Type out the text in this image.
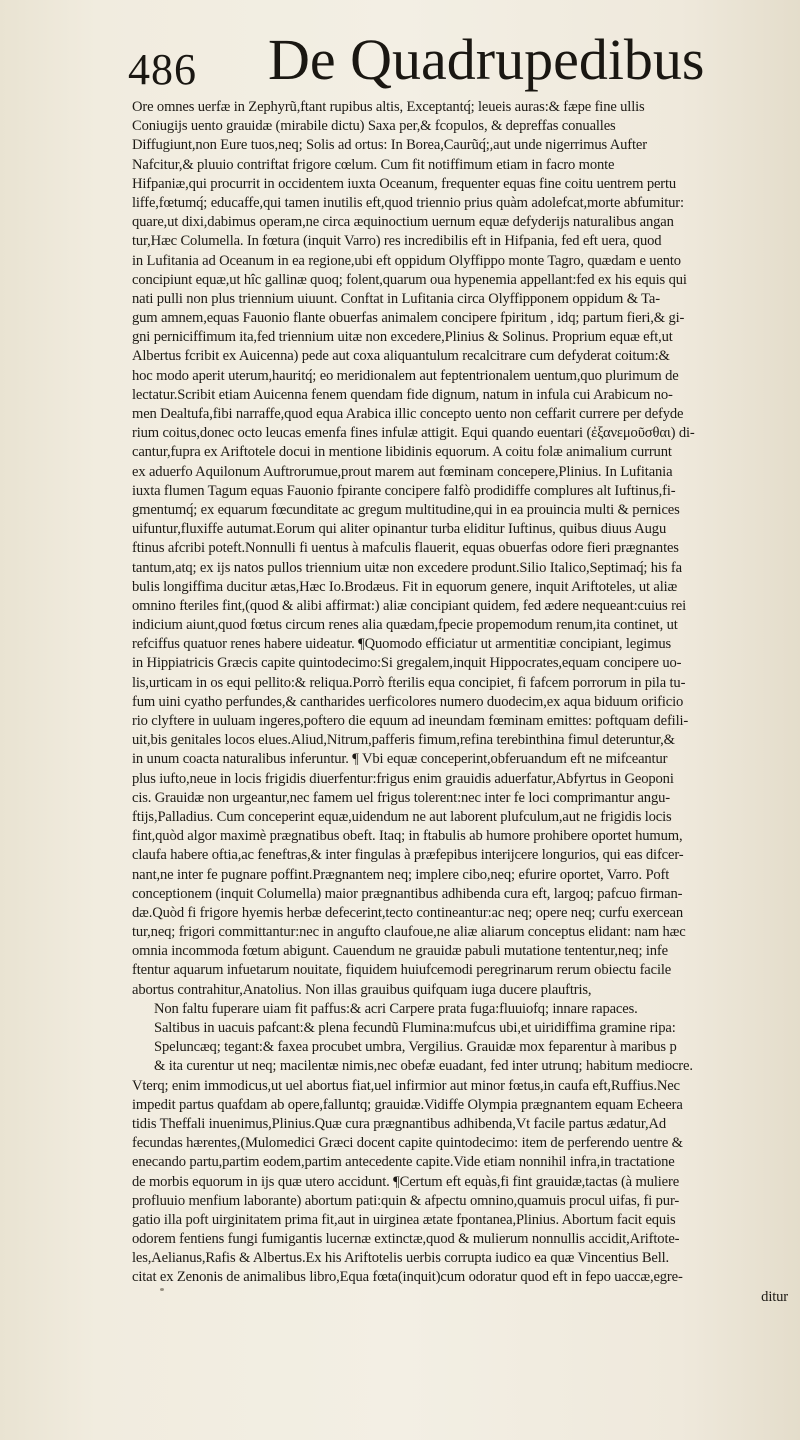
486 De Quadrupedibus
Ore omnes uerfæ in Zephyrũ,ftant rupibus altis, Exceptantq́; leueis auras:& fæpe fine ullis
Coniugijs uento grauidæ (mirabile dictu) Saxa per,& fcopulos, & depreffas conualles
Diffugiunt,non Eure tuos,neq; Solis ad ortus: In Borea,Caurũq́;,aut unde nigerrimus Aufter
Nafcitur,& pluuio contriftat frigore cœlum. Cum fit notiffimum etiam in facro monte
Hifpaniæ,qui procurrit in occidentem iuxta Oceanum, frequenter equas fine coitu uentrem pertu
liffe,fœtumq́; educaffe,qui tamen inutilis eft,quod triennio prius quàm adolefcat,morte abfumitur:
quare,ut dixi,dabimus operam,ne circa æquinoctium uernum equæ defyderijs naturalibus angan
tur,Hæc Columella. In fœtura (inquit Varro) res incredibilis eft in Hifpania, fed eft uera, quod
in Lufitania ad Oceanum in ea regione,ubi eft oppidum Olyffippo monte Tagro, quædam e uento
concipiunt equæ,ut hîc gallinæ quoq; folent,quarum oua hypenemia appellant:fed ex his equis qui
nati pulli non plus triennium uiuunt. Conftat in Lufitania circa Olyffipponem oppidum & Ta-
gum amnem,equas Fauonio flante obuerfas animalem concipere fpiritum , idq; partum fieri,& gi-
gni perniciffimum ita,fed triennium uitæ non excedere,Plinius & Solinus. Proprium equæ eft,ut
Albertus fcribit ex Auicenna) pede aut coxa aliquantulum recalcitrare cum defyderat coitum:&
hoc modo aperit uterum,hauritq́; eo meridionalem aut feptentrionalem uentum,quo plurimum de
lectatur.Scribit etiam Auicenna fenem quendam fide dignum, natum in infula cui Arabicum no-
men Dealtufa,fibi narraffe,quod equa Arabica illic concepto uento non ceffarit currere per defyde
rium coitus,donec octo leucas emenfa fines infulæ attigit. Equi quando euentari (ἐξανεμοῦσθαι) di-
cantur,fupra ex Ariftotele docui in mentione libidinis equorum. A coitu folæ animalium currunt
ex aduerfo Aquilonum Auftrorumue,prout marem aut fœminam concepere,Plinius. In Lufitania
iuxta flumen Tagum equas Fauonio fpirante concipere falfò prodidiffe complures alt Iuftinus,fi-
gmentumq́; ex equarum fœcunditate ac gregum multitudine,qui in ea prouincia multi & pernices
uifuntur,fluxiffe autumat.Eorum qui aliter opinantur turba eliditur Iuftinus, quibus diuus Augu
ftinus afcribi poteft.Nonnulli fi uentus à mafculis flauerit, equas obuerfas odore fieri prægnantes
tantum,atq; ex ijs natos pullos triennium uitæ non excedere produnt.Silio Italico,Septimaq́; his fa
bulis longiffima ducitur ætas,Hæc Io.Brodæus. Fit in equorum genere, inquit Ariftoteles, ut aliæ
omnino fteriles fint,(quod & alibi affirmat:) aliæ concipiant quidem, fed ædere nequeant:cuius rei
indicium aiunt,quod fœtus circum renes alia quædam,fpecie propemodum renum,ita continet, ut
refciffus quatuor renes habere uideatur. ¶Quomodo efficiatur ut armentitiæ concipiant, legimus
in Hippiatricis Græcis capite quintodecimo:Si gregalem,inquit Hippocrates,equam concipere uo-
lis,urticam in os equi pellito:& reliqua.Porrò fterilis equa concipiet, fi fafcem porrorum in pila tu-
fum uini cyatho perfundes,& cantharides uerficolores numero duodecim,ex aqua biduum orificio
rio clyftere in uuluam ingeres,poftero die equum ad ineundam fœminam emittes: poftquam defili-
uit,bis genitales locos elues.Aliud,Nitrum,pafferis fimum,refina terebinthina fimul deteruntur,&
in unum coacta naturalibus inferuntur. ¶ Vbi equæ conceperint,obferuandum eft ne mifceantur
plus iufto,neue in locis frigidis diuerfentur:frigus enim grauidis aduerfatur,Abfyrtus in Geoponi
cis. Grauidæ non urgeantur,nec famem uel frigus tolerent:nec inter fe loci comprimantur angu-
ftijs,Palladius. Cum conceperint equæ,uidendum ne aut laborent plufculum,aut ne frigidis locis
fint,quòd algor maximè prægnatibus obeft. Itaq; in ftabulis ab humore prohibere oportet humum,
claufa habere oftia,ac feneftras,& inter fingulas à præfepibus interijcere longurios, qui eas difcer-
nant,ne inter fe pugnare poffint.Prægnantem neq; implere cibo,neq; efurire oportet, Varro. Poft
conceptionem (inquit Columella) maior prægnantibus adhibenda cura eft, largoq; pafcuo firman-
dæ.Quòd fi frigore hyemis herbæ defecerint,tecto contineantur:ac neq; opere neq; curfu exercean
tur,neq; frigori committantur:nec in angufto claufoue,ne aliæ aliarum conceptus elidant: nam hæc
omnia incommoda fœtum abigunt. Cauendum ne grauidæ pabuli mutatione tententur,neq; infe
ftentur aquarum infuetarum nouitate, fiquidem huiufcemodi peregrinarum rerum obiectu facile
abortus contrahitur,Anatolius. Non illas grauibus quifquam iuga ducere plauftris,
Non faltu fuperare uiam fit paffus:& acri Carpere prata fuga:fluuiofq; innare rapaces.
Saltibus in uacuis pafcant:& plena fecundũ Flumina:mufcus ubi,et uiridiffima gramine ripa:
Speluncæq; tegant:& faxea procubet umbra, Vergilius. Grauidæ mox feparentur à maribus p
& ita curentur ut neq; macilentæ nimis,nec obefæ euadant, fed inter utrunq; habitum mediocre.
Vterq; enim immodicus,ut uel abortus fiat,uel infirmior aut minor fœtus,in caufa eft,Ruffius.Nec
impedit partus quafdam ab opere,falluntq; grauidæ.Vidiffe Olympia prægnantem equam Echeera
tidis Theffali inuenimus,Plinius.Quæ cura prægnantibus adhibenda,Vt facile partus ædatur,Ad
fecundas hærentes,(Mulomedici Græci docent capite quintodecimo: item de perferendo uentre &
enecando partu,partim eodem,partim antecedente capite.Vide etiam nonnihil infra,in tractatione
de morbis equorum in ijs quæ utero accidunt. ¶Certum eft equàs,fi fint grauidæ,tactas (à muliere
profluuio menfium laborante) abortum pati:quin & afpectu omnino,quamuis procul uifas, fi pur-
gatio illa poft uirginitatem prima fit,aut in uirginea ætate fpontanea,Plinius. Abortum facit equis
odorem fentiens fungi fumigantis lucernæ extinctæ,quod & mulierum nonnullis accidit,Ariftote-
les,Aelianus,Rafis & Albertus.Ex his Ariftotelis uerbis corrupta iudico ea quæ Vincentius Bell.
citat ex Zenonis de animalibus libro,Equa fœta(inquit)cum odoratur quod eft in fepo uaccæ,egre-
ditur
